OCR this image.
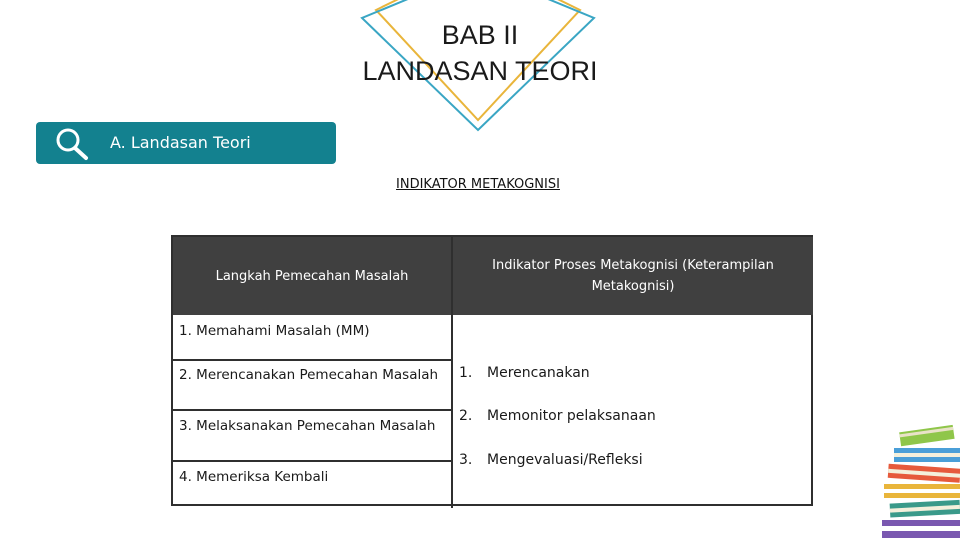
BAB II
LANDASAN TEORI
A. Landasan Teori
INDIKATOR METAKOGNISI
Langkah Pemecahan Masalah
Indikator Proses Metakognisi (Keterampilan Metakognisi)
1. Memahami Masalah (MM)
2. Merencanakan Pemecahan Masalah
3. Melaksanakan Pemecahan Masalah
4. Memeriksa Kembali
1. Merencanakan
2. Memonitor pelaksanaan
3. Mengevaluasi/Refleksi
